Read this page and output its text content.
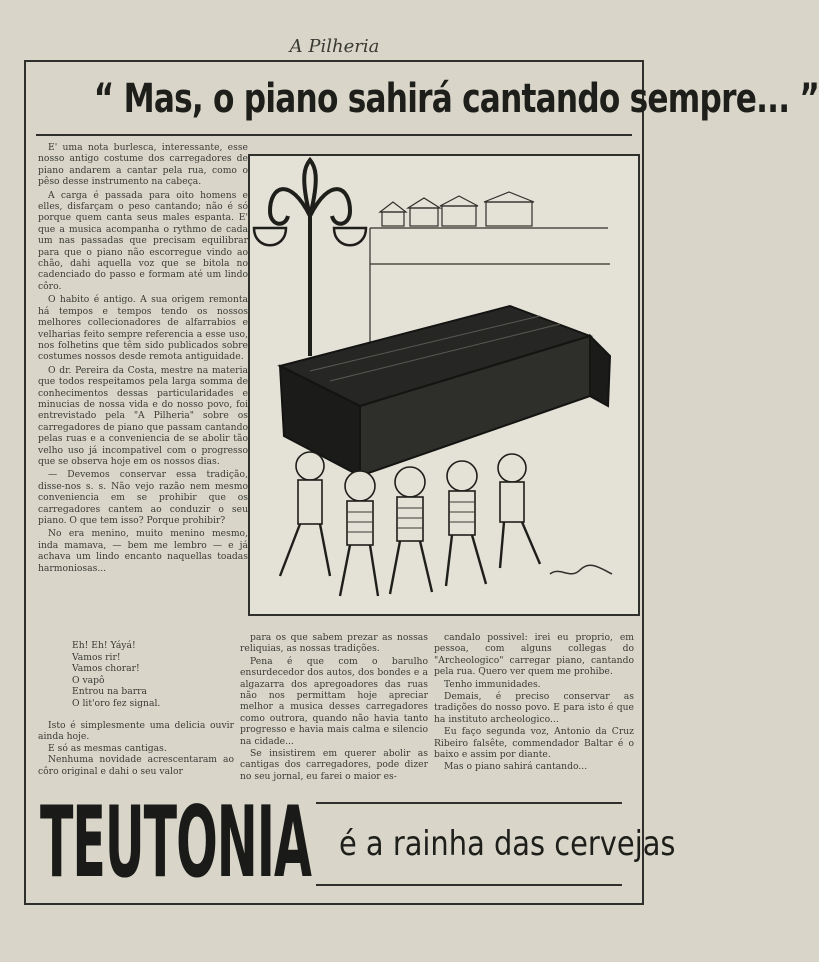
A Pilheria
“ Mas, o piano sahirá cantando sempre... ”

E' uma nota burlesca, interessante, esse nosso antigo costume dos carregadores de piano andarem a cantar pela rua, como o pêso desse instrumento na cabeça.

A carga é passada para oito homens e elles, disfarçam o peso cantando; não é só porque quem canta seus males espanta. E' que a musica acompanha o rythmo de cada um nas passadas que precisam equilibrar para que o piano não escorregue vindo ao chão, dahi aquella voz que se bitola no cadenciado do passo e formam até um lindo côro.

O habito é antigo. A sua origem remonta há tempos e tempos tendo os nossos melhores collecionadores de alfarrabios e velharias feito sempre referencia a esse uso, nos folhetins que têm sido publicados sobre costumes nossos desde remota antiguidade.

O dr. Pereira da Costa, mestre na materia que todos respeitamos pela larga somma de conhecimentos dessas particularidades e minucias de nossa vida e do nosso povo, foi entrevistado pela "A Pilheria" sobre os carregadores de piano que passam cantando pelas ruas e a conveniencia de se abolir tão velho uso já incompativel com o progresso que se observa hoje em os nossos dias.

— Devemos conservar essa tradição, disse-nos s. s. Não vejo razão nem mesmo conveniencia em se prohibir que os carregadores cantem ao conduzir o seu piano. O que tem isso? Porque prohibir?

No era menino, muito menino mesmo, inda mamava, — bem me lembro — e já achava um lindo encanto naquellas toadas harmoniosas...

Eh! Eh! Yáyá!
Vamos rir!
Vamos chorar!
O vapô
Entrou na barra
O lit'oro fez signal.

Isto é simplesmente uma delicia ouvir ainda hoje.

E só as mesmas cantigas.

Nenhuma novidade acrescentaram ao côro original e dahi o seu valor

para os que sabem prezar as nossas reliquias, as nossas tradições.

Pena é que com o barulho ensurdecedor dos autos, dos bondes e a algazarra dos apregoadores das ruas não nos permittam hoje apreciar melhor a musica desses carregadores como outrora, quando não havia tanto progresso e havia mais calma e silencio na cidade...

Se insistirem em querer abolir as cantigas dos carregadores, pode dizer no seu jornal, eu farei o maior es-

candalo possivel: irei eu proprio, em pessoa, com alguns collegas do "Archeologico" carregar piano, cantando pela rua. Quero ver quem me prohibe.

Tenho immunidades.

Demais, é preciso conservar as tradições do nosso povo. E para isto é que ha instituto archeologico...

Eu faço segunda voz, Antonio da Cruz Ribeiro falsête, commendador Baltar é o baixo e assim por diante.

Mas o piano sahirá cantando...

TEUTONIA é a rainha das cervejas
